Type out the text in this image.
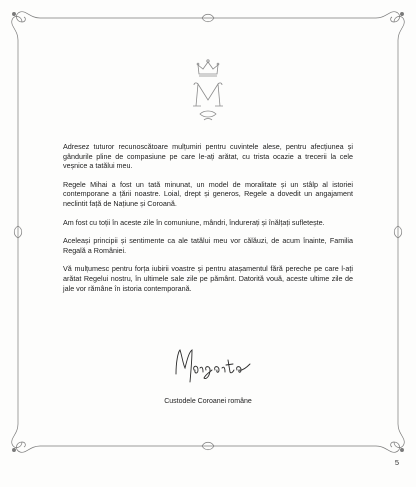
Adresez tuturor recunoscătoare mulțumiri pentru cuvintele alese, pentru afecțiunea și gândurile pline de compasiune pe care le-ați arătat, cu trista ocazie a trecerii la cele veșnice a tatălui meu.

Regele Mihai a fost un tată minunat, un model de moralitate și un stâlp al istoriei contemporane a țării noastre. Loial, drept și generos, Regele a dovedit un angajament neclintit față de Națiune și Coroană.

Am fost cu toții în aceste zile în comuniune, mândri, îndurerați și înălțați sufletește.

Aceleași principii și sentimente ca ale tatălui meu vor călăuzi, de acum înainte, Familia Regală a României.

Vă mulțumesc pentru forța iubirii voastre și pentru atașamentul fără pereche pe care l-ați arătat Regelui nostru, în ultimele sale zile pe pământ. Datorită vouă, aceste ultime zile de jale vor rămâne în istoria contemporană.

Custodele Coroanei române
5
